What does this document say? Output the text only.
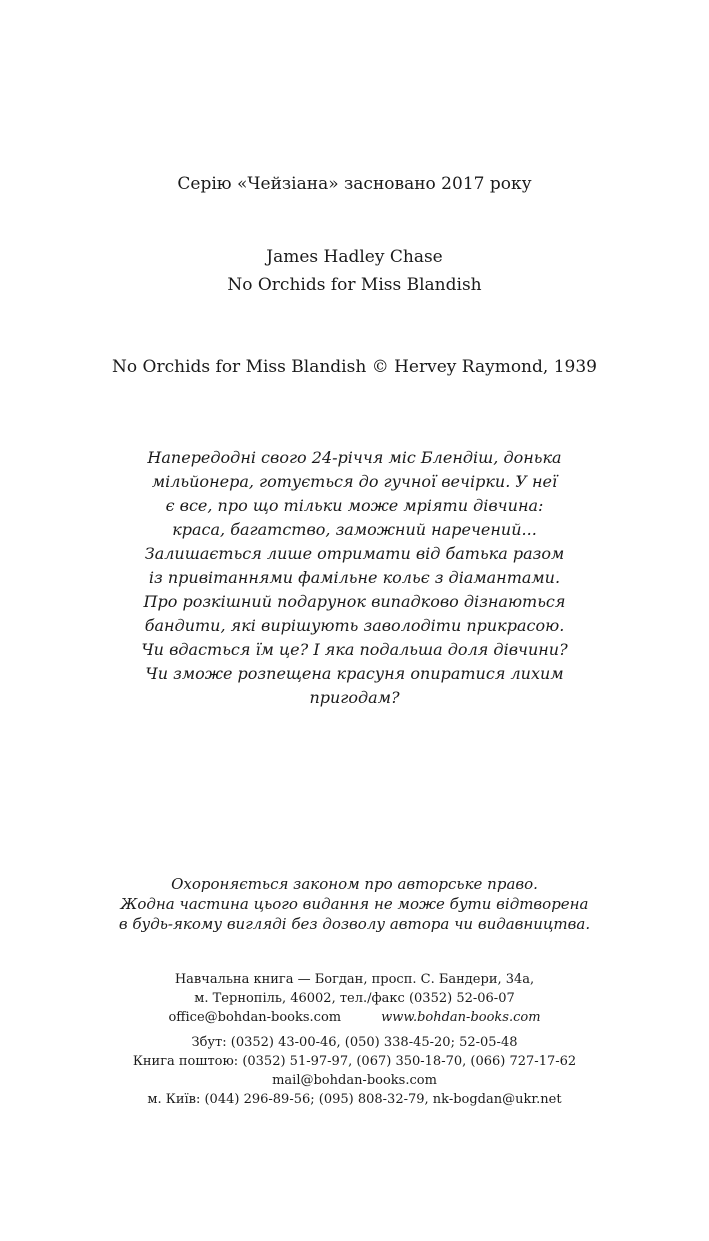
Серію «Чейзіана» засновано 2017 року
James Hadley Chase
No Orchids for Miss Blandish
No Orchids for Miss Blandish © Hervey Raymond, 1939
Напередодні свого 24-річчя міс Блендіш, донька
мільйонера, готується до гучної вечірки. У неї
є все, про що тільки може мріяти дівчина:
краса, багатство, заможний наречений...
Залишається лише отримати від батька разом
із привітаннями фамільне кольє з діамантами.
Про розкішний подарунок випадково дізнаються
бандити, які вирішують заволодіти прикрасою.
Чи вдасться їм це? І яка подальша доля дівчини?
Чи зможе розпещена красуня опиратися лихим
пригодам?
Охороняється законом про авторське право.
Жодна частина цього видання не може бути відтворена
в будь-якому вигляді без дозволу автора чи видавництва.
Навчальна книга — Богдан, просп. С. Бандери, 34а,
м. Тернопіль, 46002, тел./факс (0352) 52-06-07
office@bohdan-books.com	www.bohdan-books.com
Збут: (0352) 43-00-46, (050) 338-45-20; 52-05-48
Книга поштою: (0352) 51-97-97, (067) 350-18-70, (066) 727-17-62
mail@bohdan-books.com
м. Київ: (044) 296-89-56; (095) 808-32-79, nk-bogdan@ukr.net
